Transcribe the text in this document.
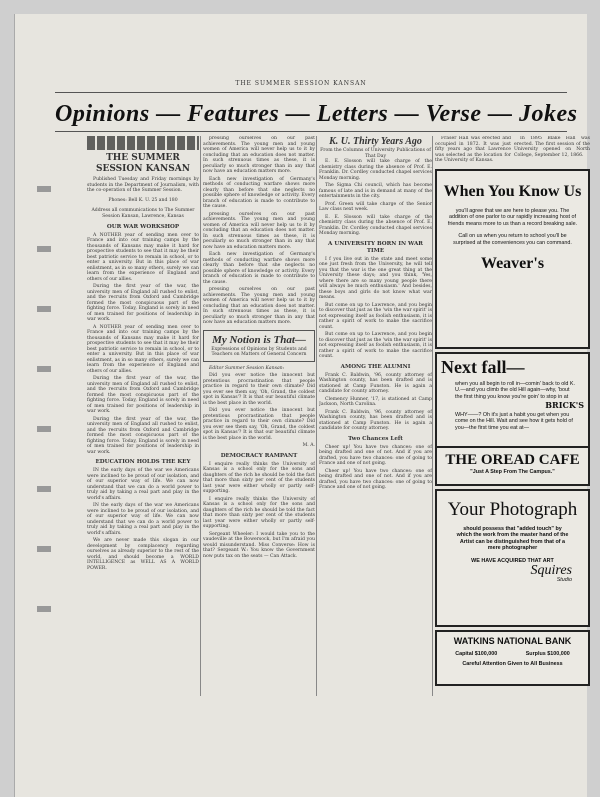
THE SUMMER SESSION KANSAN
Opinions — Features — Letters — Verse — Jokes
THE SUMMER SESSION KANSAN

Published Tuesday and Friday mornings by students in the Department of Journalism, with the co-operation of the Summer Session.

Phones: Bell K. U. 25 and 180

Address all communications to The Summer Session Kansan, Lawrence, Kansas

OUR WAR WORKSHOP

A NOTHER year of sending men over to France and into our training camps by the thousands of Kansans may make it hard for prospective students to see that it may be their best patriotic service to remain in school, or to enter a university. But in this place of war enlistment, as in so many others, surely we can learn from the experience of England and others of our allies.

During the first year of the war, the university men of England all rushed to enlist, and the recruits from Oxford and Cambridge formed the most conspicuous part of the fighting force. Today, England is sorely in need of men trained for positions of leadership in war work.

A NOTHER year of sending men over to France and into our training camps by the thousands of Kansans may make it hard for prospective students to see that it may be their best patriotic service to remain in school, or to enter a university. But in this place of war enlistment, as in so many others, surely we can learn from the experience of England and others of our allies.

During the first year of the war, the university men of England all rushed to enlist, and the recruits from Oxford and Cambridge formed the most conspicuous part of the fighting force. Today, England is sorely in need of men trained for positions of leadership in war work.

During the first year of the war, the university men of England all rushed to enlist, and the recruits from Oxford and Cambridge formed the most conspicuous part of the fighting force. Today, England is sorely in need of men trained for positions of leadership in war work.

EDUCATION HOLDS THE KEY

IN the early days of the war we Americans were inclined to be proud of our isolation, and of our superior way of life. We can now understand that we can do a world power to truly aid by taking a real part and play in the world's affairs.

IN the early days of the war we Americans were inclined to be proud of our isolation, and of our superior way of life. We can now understand that we can do a world power to truly aid by taking a real part and play in the world's affairs.

We are never made this slogan in our development by complacency regarding ourselves as already superior to the rest of the world, and should become a WORLD INTELLIGENCE as WELL AS A WORLD POWER.

pressing ourselves on our past achievements. The young men and young women of America will never help us to it by concluding that an education does not matter. In such strenuous times as these, it is peculiarly so much stronger than in any that now have an education matters more.

Each new investigation of Germany's methods of conducting warfare shows more clearly than before that she neglects no possible sphere of knowledge or activity. Every branch of education is made to contribute to the cause.

pressing ourselves on our past achievements. The young men and young women of America will never help us to it by concluding that an education does not matter. In such strenuous times as these, it is peculiarly so much stronger than in any that now have an education matters more.

Each new investigation of Germany's methods of conducting warfare shows more clearly than before that she neglects no possible sphere of knowledge or activity. Every branch of education is made to contribute to the cause.

pressing ourselves on our past achievements. The young men and young women of America will never help us to it by concluding that an education does not matter. In such strenuous times as these, it is peculiarly so much stronger than in any that now have an education matters more.

My Notion is That—
Expressions of Opinions by Students and Teachers on Matters of General Concern

Editor Summer Session Kansan:

Did you ever notice the innocent but pretentious procrastination that people practice in regard to their own climate? Did you ever see them say, 'Oh, Grand, the coldest spot in Kansas'? It is that our beautiful climate is the best place in the world.

Did you ever notice the innocent but pretentious procrastination that people practice in regard to their own climate? Did you ever see them say, 'Oh, Grand, the coldest spot in Kansas'? It is that our beautiful climate is the best place in the world.

M. A.

DEMOCRACY RAMPANT

I enquire really thinks the University of Kansas is a school only for the sons and daughters of the rich he should be told the fact that more than sixty per cent of the students last year were either wholly or partly self-supporting.

I enquire really thinks the University of Kansas is a school only for the sons and daughters of the rich he should be told the fact that more than sixty per cent of the students last year were either wholly or partly self-supporting.

Sergeant Wheeler: I would take you to the vaudeville at the Bowersock, but I'm afraid you would misunderstand. Miss Converse: How is that? Sergeant W.: You know the Government now puts tax on the seats — Can Attack.

K. U. Thirty Years Ago
From the Columns of University Publications of That Day

E. E. Slosson will take charge of the chemistry class during the absence of Prof. E. Franklin. Dr. Cordley conducted chapel services Monday morning.

The Sigma Chi council, which has become famous of late and is in demand at many of the entertainments in the city.

Prof. Green will take charge of the Senior Law class next week.

E. E. Slosson will take charge of the chemistry class during the absence of Prof. E. Franklin. Dr. Cordley conducted chapel services Monday morning.

A UNIVERSITY BORN IN WAR TIME

I f you live out in the state and meet some one just fresh from the University, he will tell you that the war is the one great thing at the University these days; and you think, 'Yes, where there are so many young people there will always be much enthusiasm.' And besides, these boys and girls do not know what war means.

But come on up to Lawrence, and you begin to discover that just as the 'win the war spirit' is not expressing itself as foolish enthusiasm, it is rather a spirit of work to make the sacrifice count.

But come on up to Lawrence, and you begin to discover that just as the 'win the war spirit' is not expressing itself as foolish enthusiasm, it is rather a spirit of work to make the sacrifice count.

AMONG THE ALUMNI

Frank C. Baldwin, '96, county attorney of Washington county, has been drafted and is stationed at Camp Funston. He is again a candidate for county attorney.

Clemency Hunner, '17, is stationed at Camp Jackson, North Carolina.

Frank C. Baldwin, '96, county attorney of Washington county, has been drafted and is stationed at Camp Funston. He is again a candidate for county attorney.

Two Chances Left

Cheer up! You have two chances: one of being drafted and one of not. And if you are drafted, you have two chances: one of going to France and one of not going.

Cheer up! You have two chances: one of being drafted and one of not. And if you are drafted, you have two chances: one of going to France and one of not going.

Fraser Hall was erected and occupied in 1872. It was just fifty years ago that Lawrence was selected as the location for the University of Kansas.

In 1895 Blake Hall was erected. The first session of the University opened on North College, September 12, 1866.

When You Know Us

you'll agree that we are here to please you. The addition of one parlor to our rapidly increasing host of friends means more to us than a record breaking sale.

Call on us when you return to school you'll be surprised at the conveniences you can command.

Weaver's
Next fall—

when you all begin to roll in—comin' back to old K. U.—and you climb the old Hill again—why, 'bout the first thing you know you're goin' to stop in at

BRICK'S

WHY——? Oh it's just a habit you get when you come on the Hill. Wait and see how it gets hold of you—the first time you eat at—

THE OREAD CAFE
"Just A Step From The Campus."
Your Photograph

should possess that "added touch" by which the work from the master hand of the Artist can be distinguished from that of a mere photographer

WE HAVE ACQUIRED THAT ART
Squires
Studio
WATKINS NATIONAL BANK
Capital $100,000	Surplus $100,000
Careful Attention Given to All Business
